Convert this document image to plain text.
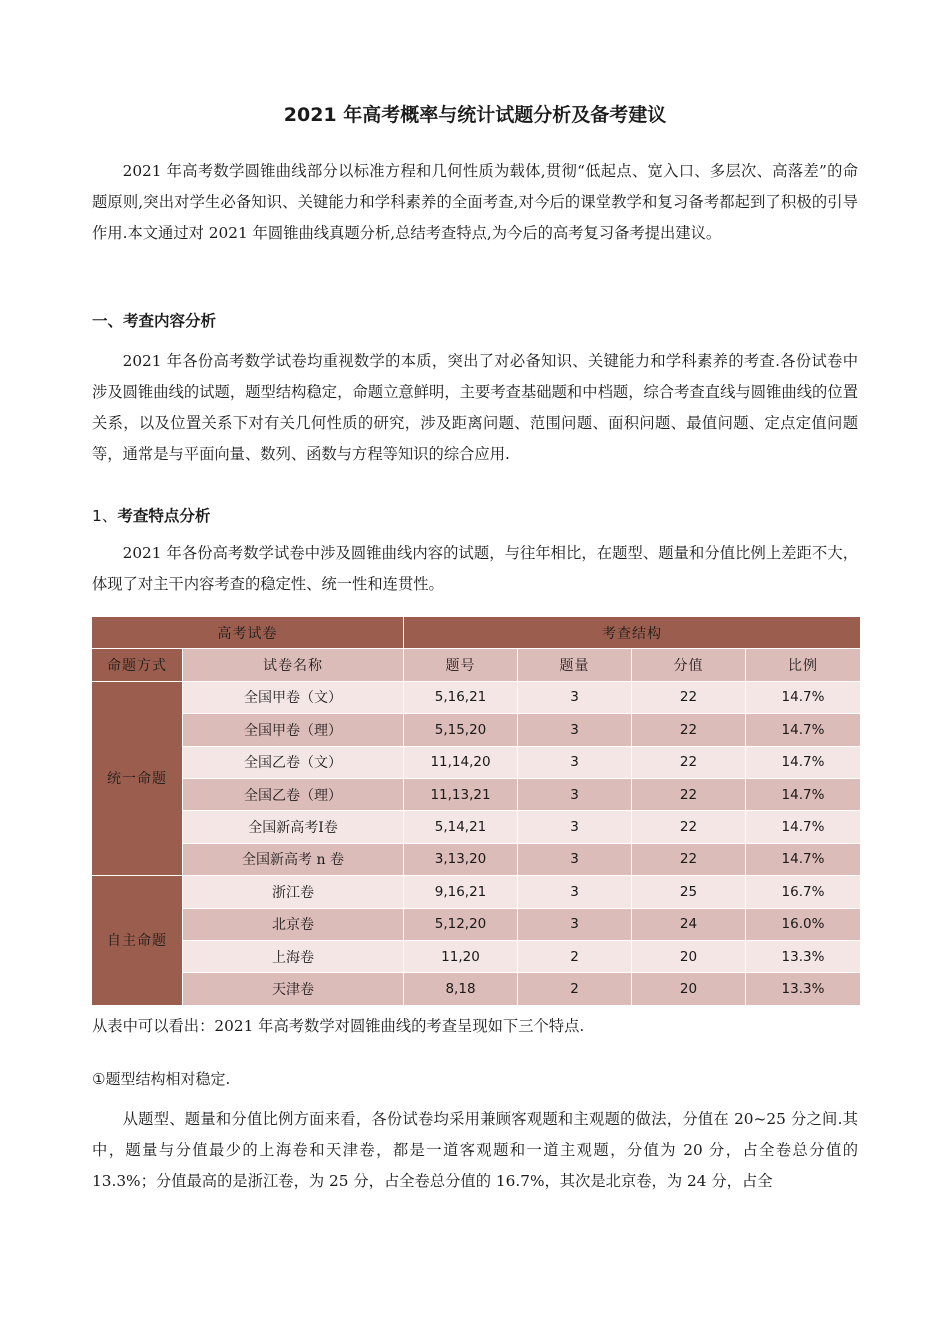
2021 年高考概率与统计试题分析及备考建议

2021 年高考数学圆锥曲线部分以标准方程和几何性质为载体,贯彻“低起点、宽入口、多层次、高落差”的命题原则,突出对学生必备知识、关键能力和学科素养的全面考查,对今后的课堂教学和复习备考都起到了积极的引导作用.本文通过对 2021 年圆锥曲线真题分析,总结考查特点,为今后的高考复习备考提出建议。

一、考查内容分析

2021 年各份高考数学试卷均重视数学的本质，突出了对必备知识、关键能力和学科素养的考查.各份试卷中涉及圆锥曲线的试题，题型结构稳定，命题立意鲜明，主要考查基础题和中档题，综合考查直线与圆锥曲线的位置关系，以及位置关系下对有关几何性质的研究，涉及距离问题、范围问题、面积问题、最值问题、定点定值问题等，通常是与平面向量、数列、函数与方程等知识的综合应用.

1、考查特点分析

2021 年各份高考数学试卷中涉及圆锥曲线内容的试题，与往年相比，在题型、题量和分值比例上差距不大，体现了对主干内容考查的稳定性、统一性和连贯性。

高考试卷		考查结构			
命题方式	试卷名称	题号	题量	分值	比例
统一命题	全国甲卷（文）	5,16,21	3	22	14.7%
	全国甲卷（理）	5,15,20	3	22	14.7%
	全国乙卷（文）	11,14,20	3	22	14.7%
	全国乙卷（理）	11,13,21	3	22	14.7%
	全国新高考Ⅰ卷	5,14,21	3	22	14.7%
	全国新高考 n 卷	3,13,20	3	22	14.7%
自主命题	浙江卷	9,16,21	3	25	16.7%
	北京卷	5,12,20	3	24	16.0%
	上海卷	11,20	2	20	13.3%
	天津卷	8,18	2	20	13.3%
从表中可以看出：2021 年高考数学对圆锥曲线的考查呈现如下三个特点.
①题型结构相对稳定.

从题型、题量和分值比例方面来看，各份试卷均采用兼顾客观题和主观题的做法，分值在 20~25 分之间.其中，题量与分值最少的上海卷和天津卷，都是一道客观题和一道主观题，分值为 20 分，占全卷总分值的 13.3%；分值最高的是浙江卷，为 25 分，占全卷总分值的 16.7%，其次是北京卷，为 24 分，占全
